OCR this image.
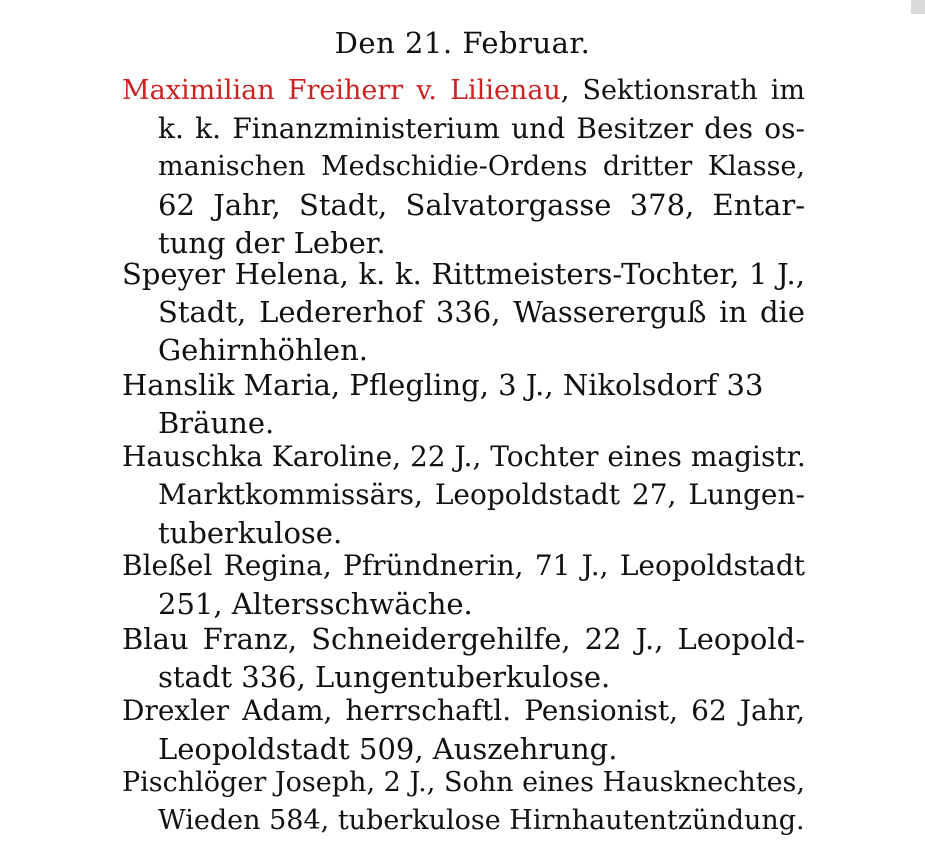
Den 21. Februar.
Maximilian Freiherr v. Lilienau, Sektionsrath im
k. k. Finanzministerium und Besitzer des os-
manischen Medschidie-Ordens dritter Klasse,
62 Jahr, Stadt, Salvatorgasse 378, Entar-
tung der Leber.
Speyer Helena, k. k. Rittmeisters-Tochter, 1 J.,
Stadt, Ledererhof 336, Wassererguß in die
Gehirnhöhlen.
Hanslik Maria, Pflegling, 3 J., Nikolsdorf 33
Bräune.
Hauschka Karoline, 22 J., Tochter eines magistr.
Marktkommissärs, Leopoldstadt 27, Lungen-
tuberkulose.
Bleßel Regina, Pfründnerin, 71 J., Leopoldstadt
251, Altersschwäche.
Blau Franz, Schneidergehilfe, 22 J., Leopold-
stadt 336, Lungentuberkulose.
Drexler Adam, herrschaftl. Pensionist, 62 Jahr,
Leopoldstadt 509, Auszehrung.
Pischlöger Joseph, 2 J., Sohn eines Hausknechtes,
Wieden 584, tuberkulose Hirnhautentzündung.
